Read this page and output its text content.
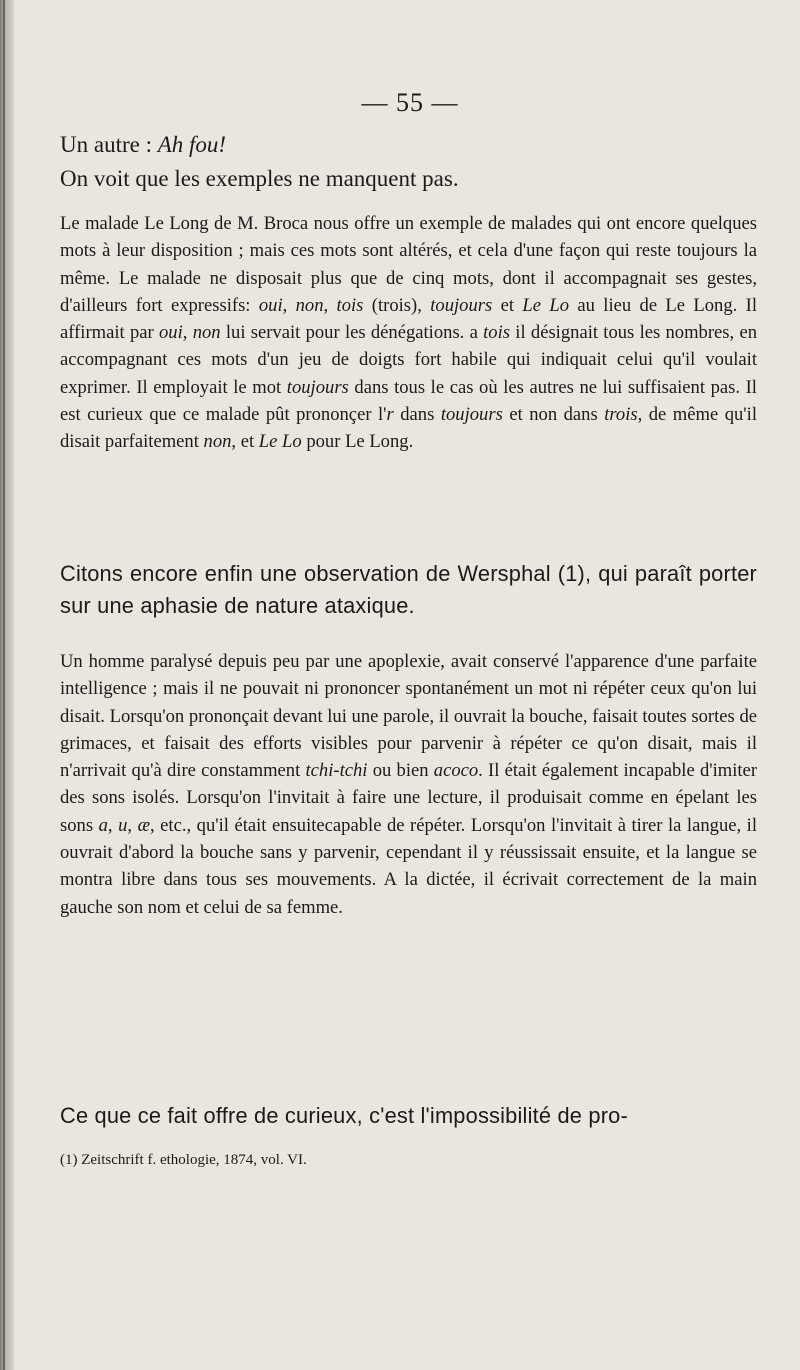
— 55 —
Un autre : Ah fou!
On voit que les exemples ne manquent pas.
Le malade Le Long de M. Broca nous offre un exemple de malades qui ont encore quelques mots à leur disposition ; mais ces mots sont altérés, et cela d'une façon qui reste toujours la même. Le malade ne disposait plus que de cinq mots, dont il accompagnait ses gestes, d'ailleurs fort expressifs: oui, non, tois (trois), toujours et Le Lo au lieu de Le Long. Il affirmait par oui, non lui servait pour les dénégations. a tois il désignait tous les nombres, en accompagnant ces mots d'un jeu de doigts fort habile qui indiquait celui qu'il voulait exprimer. Il employait le mot toujours dans tous le cas où les autres ne lui suffisaient pas. Il est curieux que ce malade pût prononçer l'r dans toujours et non dans trois, de même qu'il disait parfaitement non, et Le Lo pour Le Long.
Citons encore enfin une observation de Wersphal (1), qui paraît porter sur une aphasie de nature ataxique.
Un homme paralysé depuis peu par une apoplexie, avait conservé l'apparence d'une parfaite intelligence ; mais il ne pouvait ni prononcer spontanément un mot ni répéter ceux qu'on lui disait. Lorsqu'on prononçait devant lui une parole, il ouvrait la bouche, faisait toutes sortes de grimaces, et faisait des efforts visibles pour parvenir à répéter ce qu'on disait, mais il n'arrivait qu'à dire constamment tchi-tchi ou bien acoco. Il était également incapable d'imiter des sons isolés. Lorsqu'on l'invitait à faire une lecture, il produisait comme en épelant les sons a, u, æ, etc., qu'il était ensuitecapable de répéter. Lorsqu'on l'invitait à tirer la langue, il ouvrait d'abord la bouche sans y parvenir, cependant il y réussissait ensuite, et la langue se montra libre dans tous ses mouvements. A la dictée, il écrivait correctement de la main gauche son nom et celui de sa femme.
Ce que ce fait offre de curieux, c'est l'impossibilité de pro-
(1) Zeitschrift f. ethologie, 1874, vol. VI.
